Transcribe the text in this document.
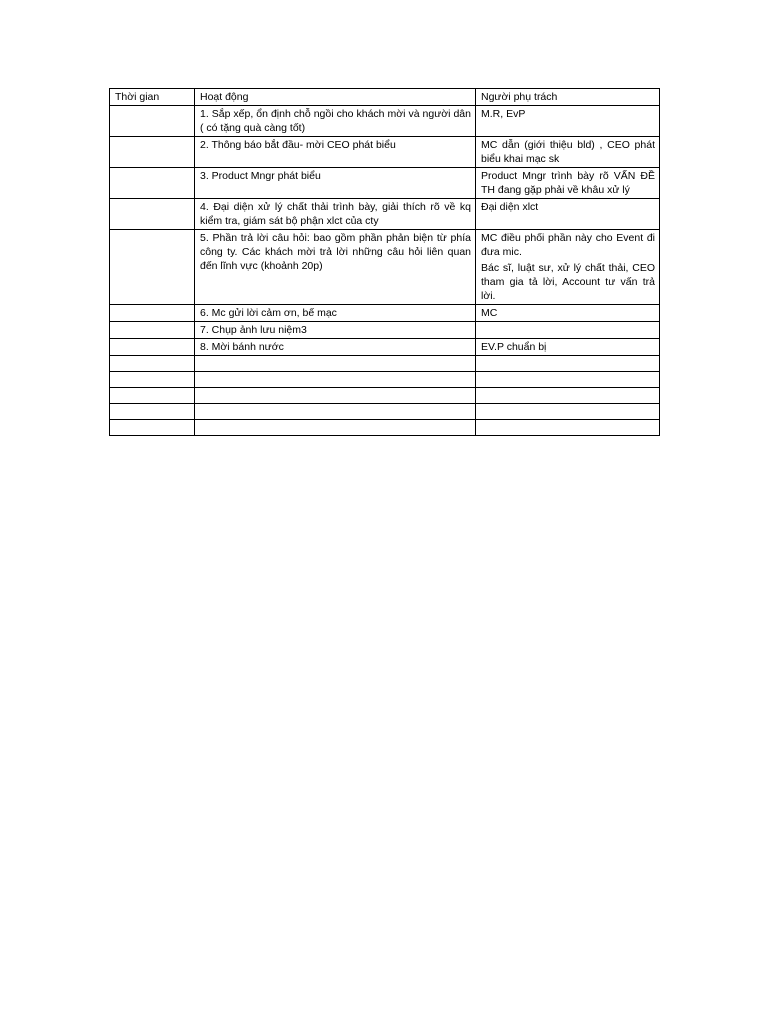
Thời gian	Hoạt động	Người phụ trách
	1. Sắp xếp, ổn định chỗ ngồi cho khách mời và người dân ( có tặng quà càng tốt)	M.R, EvP
	2. Thông báo bắt đầu- mời CEO phát biểu	MC dẫn (giới thiệu bld) , CEO phát biểu khai mạc sk
	3. Product Mngr phát biểu	Product Mngr trình bày rõ VẤN ĐỀ TH đang gặp phải về khâu xử lý
	4. Đại diện xử lý chất thải trình bày, giải thích rõ về kq kiểm tra, giám sát bộ phận xlct của cty	Đại diện xlct
	5. Phần trả lời câu hỏi: bao gồm phần phản biện từ phía công ty. Các khách mời trả lời những câu hỏi liên quan đến lĩnh vực (khoảnh 20p)	MC điều phối phần này cho Event đi đưa mic.
Bác sĩ, luật sư, xử lý chất thải, CEO tham gia tả lời, Account tư vấn trả lời.

	6. Mc gửi lời cảm ơn, bế mạc	MC
	7. Chụp ảnh lưu niệm3	
	8. Mời bánh nước	EV.P chuẩn bị
